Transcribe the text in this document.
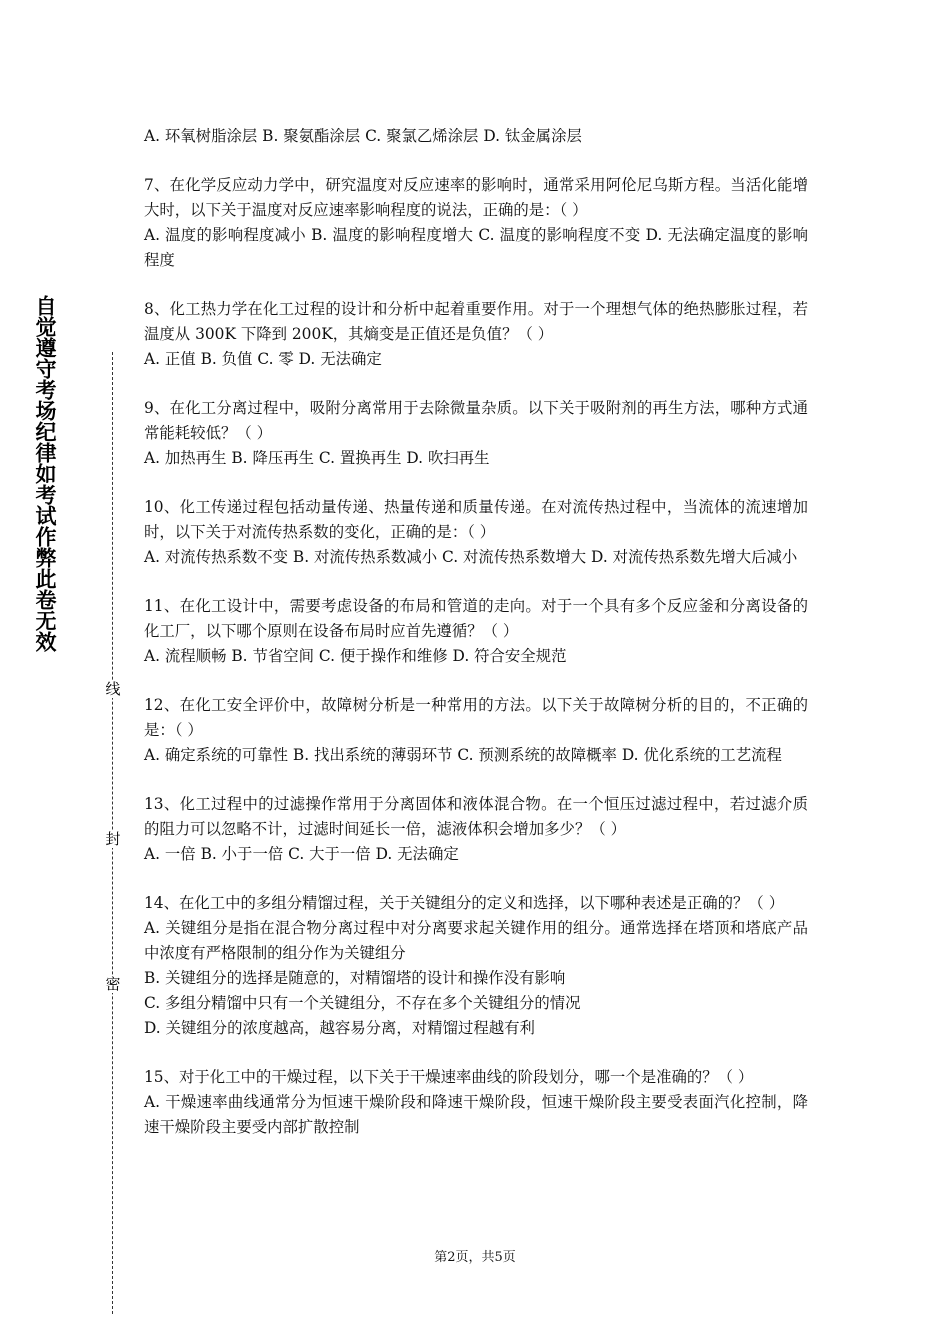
自觉遵守考场纪律如考试作弊此卷无效
线
封
密

A. 环氧树脂涂层 B. 聚氨酯涂层 C. 聚氯乙烯涂层 D. 钛金属涂层

7、在化学反应动力学中，研究温度对反应速率的影响时，通常采用阿伦尼乌斯方程。当活化能增大时，以下关于温度对反应速率影响程度的说法，正确的是：（ ）

A. 温度的影响程度减小 B. 温度的影响程度增大 C. 温度的影响程度不变 D. 无法确定温度的影响程度

8、化工热力学在化工过程的设计和分析中起着重要作用。对于一个理想气体的绝热膨胀过程，若温度从 300K 下降到 200K，其熵变是正值还是负值？（ ）

A. 正值 B. 负值 C. 零 D. 无法确定

9、在化工分离过程中，吸附分离常用于去除微量杂质。以下关于吸附剂的再生方法，哪种方式通常能耗较低？（ ）

A. 加热再生 B. 降压再生 C. 置换再生 D. 吹扫再生

10、化工传递过程包括动量传递、热量传递和质量传递。在对流传热过程中，当流体的流速增加时，以下关于对流传热系数的变化，正确的是：（ ）

A. 对流传热系数不变 B. 对流传热系数减小 C. 对流传热系数增大 D. 对流传热系数先增大后减小

11、在化工设计中，需要考虑设备的布局和管道的走向。对于一个具有多个反应釜和分离设备的化工厂，以下哪个原则在设备布局时应首先遵循？（ ）

A. 流程顺畅 B. 节省空间 C. 便于操作和维修 D. 符合安全规范

12、在化工安全评价中，故障树分析是一种常用的方法。以下关于故障树分析的目的，不正确的是：（ ）

A. 确定系统的可靠性 B. 找出系统的薄弱环节 C. 预测系统的故障概率 D. 优化系统的工艺流程

13、化工过程中的过滤操作常用于分离固体和液体混合物。在一个恒压过滤过程中，若过滤介质的阻力可以忽略不计，过滤时间延长一倍，滤液体积会增加多少？（ ）

A. 一倍 B. 小于一倍 C. 大于一倍 D. 无法确定

14、在化工中的多组分精馏过程，关于关键组分的定义和选择，以下哪种表述是正确的？（ ）

A. 关键组分是指在混合物分离过程中对分离要求起关键作用的组分。通常选择在塔顶和塔底产品中浓度有严格限制的组分作为关键组分

B. 关键组分的选择是随意的，对精馏塔的设计和操作没有影响

C. 多组分精馏中只有一个关键组分，不存在多个关键组分的情况

D. 关键组分的浓度越高，越容易分离，对精馏过程越有利

15、对于化工中的干燥过程，以下关于干燥速率曲线的阶段划分，哪一个是准确的？（ ）

A. 干燥速率曲线通常分为恒速干燥阶段和降速干燥阶段，恒速干燥阶段主要受表面汽化控制，降速干燥阶段主要受内部扩散控制

第2页，共5页
